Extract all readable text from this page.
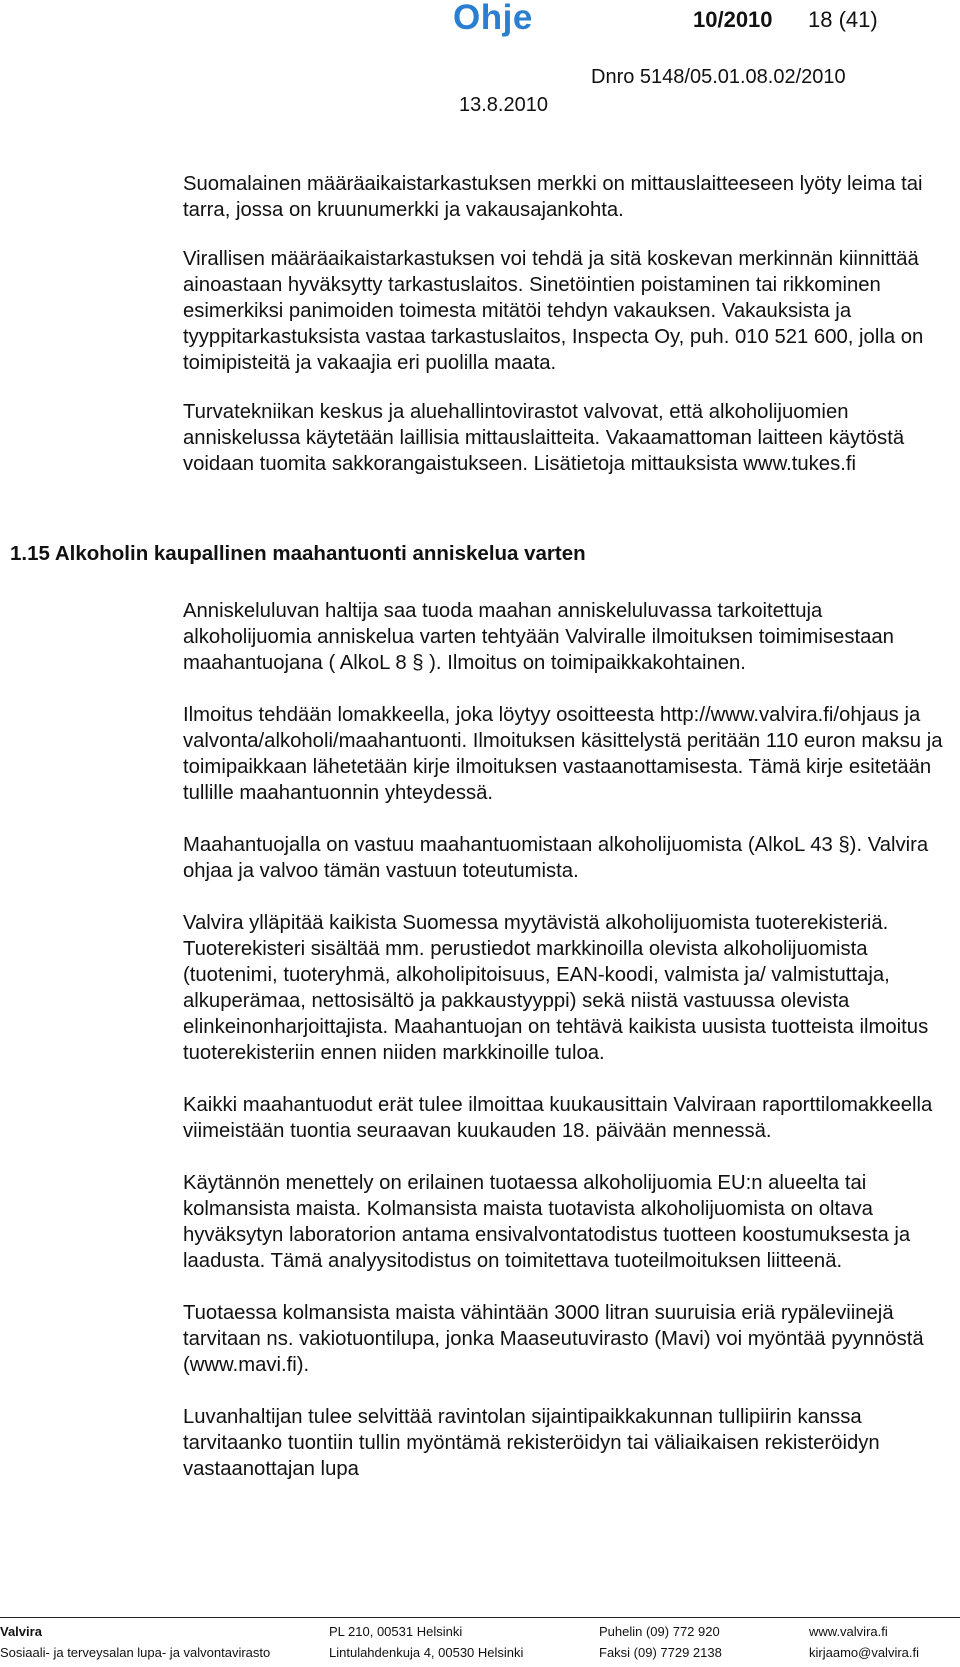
Ohje	10/2010 18 (41)
Dnro 5148/05.01.08.02/2010
13.8.2010

Suomalainen määräaikaistarkastuksen merkki on mittauslaitteeseen lyöty leima tai tarra, jossa on kruunumerkki ja vakausajankohta.

Virallisen määräaikaistarkastuksen voi tehdä ja sitä koskevan merkinnän kiinnittää ainoastaan hyväksytty tarkastuslaitos. Sinetöintien poistaminen tai rikkominen esimerkiksi panimoiden toimesta mitätöi tehdyn vakauksen. Vakauksista ja tyyppitarkastuksista vastaa tarkastuslaitos, Inspecta Oy, puh. 010 521 600, jolla on toimipisteitä ja vakaajia eri puolilla maata.

Turvatekniikan keskus ja aluehallintovirastot valvovat, että alkoholijuomien anniskelussa käytetään laillisia mittauslaitteita. Vakaamattoman laitteen käytöstä voidaan tuomita sakkorangaistukseen. Lisätietoja mittauksista www.tukes.fi

1.15 Alkoholin kaupallinen maahantuonti anniskelua varten

Anniskeluluvan haltija saa tuoda maahan anniskeluluvassa tarkoitettuja alkoholijuomia anniskelua varten tehtyään Valviralle ilmoituksen toimimisestaan maahantuojana ( AlkoL 8 § ). Ilmoitus on toimipaikkakohtainen.

Ilmoitus tehdään lomakkeella, joka löytyy osoitteesta http://www.valvira.fi/ohjaus ja valvonta/alkoholi/maahantuonti. Ilmoituksen käsittelystä peritään 110 euron maksu ja toimipaikkaan lähetetään kirje ilmoituksen vastaanottamisesta. Tämä kirje esitetään tullille maahantuonnin yhteydessä.

Maahantuojalla on vastuu maahantuomistaan alkoholijuomista (AlkoL 43 §). Valvira ohjaa ja valvoo tämän vastuun toteutumista.

Valvira ylläpitää kaikista Suomessa myytävistä alkoholijuomista tuoterekisteriä. Tuoterekisteri sisältää mm. perustiedot markkinoilla olevista alkoholijuomista (tuotenimi, tuoteryhmä, alkoholipitoisuus, EAN-koodi, valmista ja/ valmistuttaja, alkuperämaa, nettosisältö ja pakkaustyyppi) sekä niistä vastuussa olevista elinkeinonharjoittajista. Maahantuojan on tehtävä kaikista uusista tuotteista ilmoitus tuoterekisteriin ennen niiden markkinoille tuloa.

Kaikki maahantuodut erät tulee ilmoittaa kuukausittain Valviraan raporttilomakkeella viimeistään tuontia seuraavan kuukauden 18. päivään mennessä.

Käytännön menettely on erilainen tuotaessa alkoholijuomia EU:n alueelta tai kolmansista maista. Kolmansista maista tuotavista alkoholijuomista on oltava hyväksytyn laboratorion antama ensivalvontatodistus tuotteen koostumuksesta ja laadusta. Tämä analyysitodistus on toimitettava tuoteilmoituksen liitteenä.

Tuotaessa kolmansista maista vähintään 3000 litran suuruisia eriä rypäleviinejä tarvitaan ns. vakiotuontilupa, jonka Maaseutuvirasto (Mavi) voi myöntää pyynnöstä (www.mavi.fi).

Luvanhaltijan tulee selvittää ravintolan sijaintipaikkakunnan tullipiirin kanssa tarvitaanko tuontiin tullin myöntämä rekisteröidyn tai väliaikaisen rekisteröidyn vastaanottajan lupa

Valvira
Sosiaali- ja terveysalan lupa- ja valvontavirasto
PL 210, 00531 Helsinki
Lintulahdenkuja 4, 00530 Helsinki
Puhelin (09) 772 920
Faksi (09) 7729 2138
www.valvira.fi
kirjaamo@valvira.fi
